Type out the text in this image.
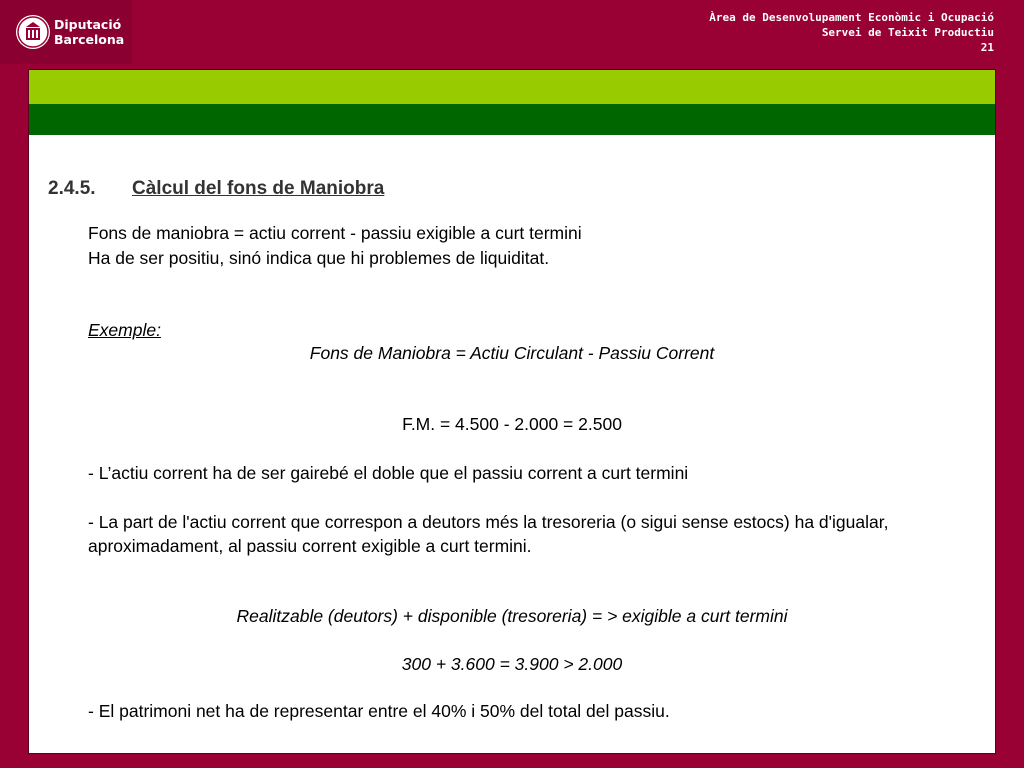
Diputació
Barcelona
Àrea de Desenvolupament Econòmic i Ocupació
Servei de Teixit Productiu
21
2.4.5. Càlcul del fons de Maniobra
Fons de maniobra = actiu corrent - passiu exigible a curt termini
Ha de ser positiu, sinó indica que hi problemes de liquiditat.
Exemple:
Fons de Maniobra = Actiu Circulant - Passiu Corrent
F.M. = 4.500 - 2.000 = 2.500
- L’actiu corrent ha de ser gairebé el doble que el passiu corrent a curt termini
- La part de l'actiu corrent que correspon a deutors més la tresoreria (o sigui sense estocs) ha d'igualar, aproximadament, al passiu corrent exigible a curt termini.
Realitzable (deutors) + disponible (tresoreria) = > exigible a curt termini
300 + 3.600 = 3.900 > 2.000
- El patrimoni net ha de representar entre el 40% i 50% del total del passiu.
